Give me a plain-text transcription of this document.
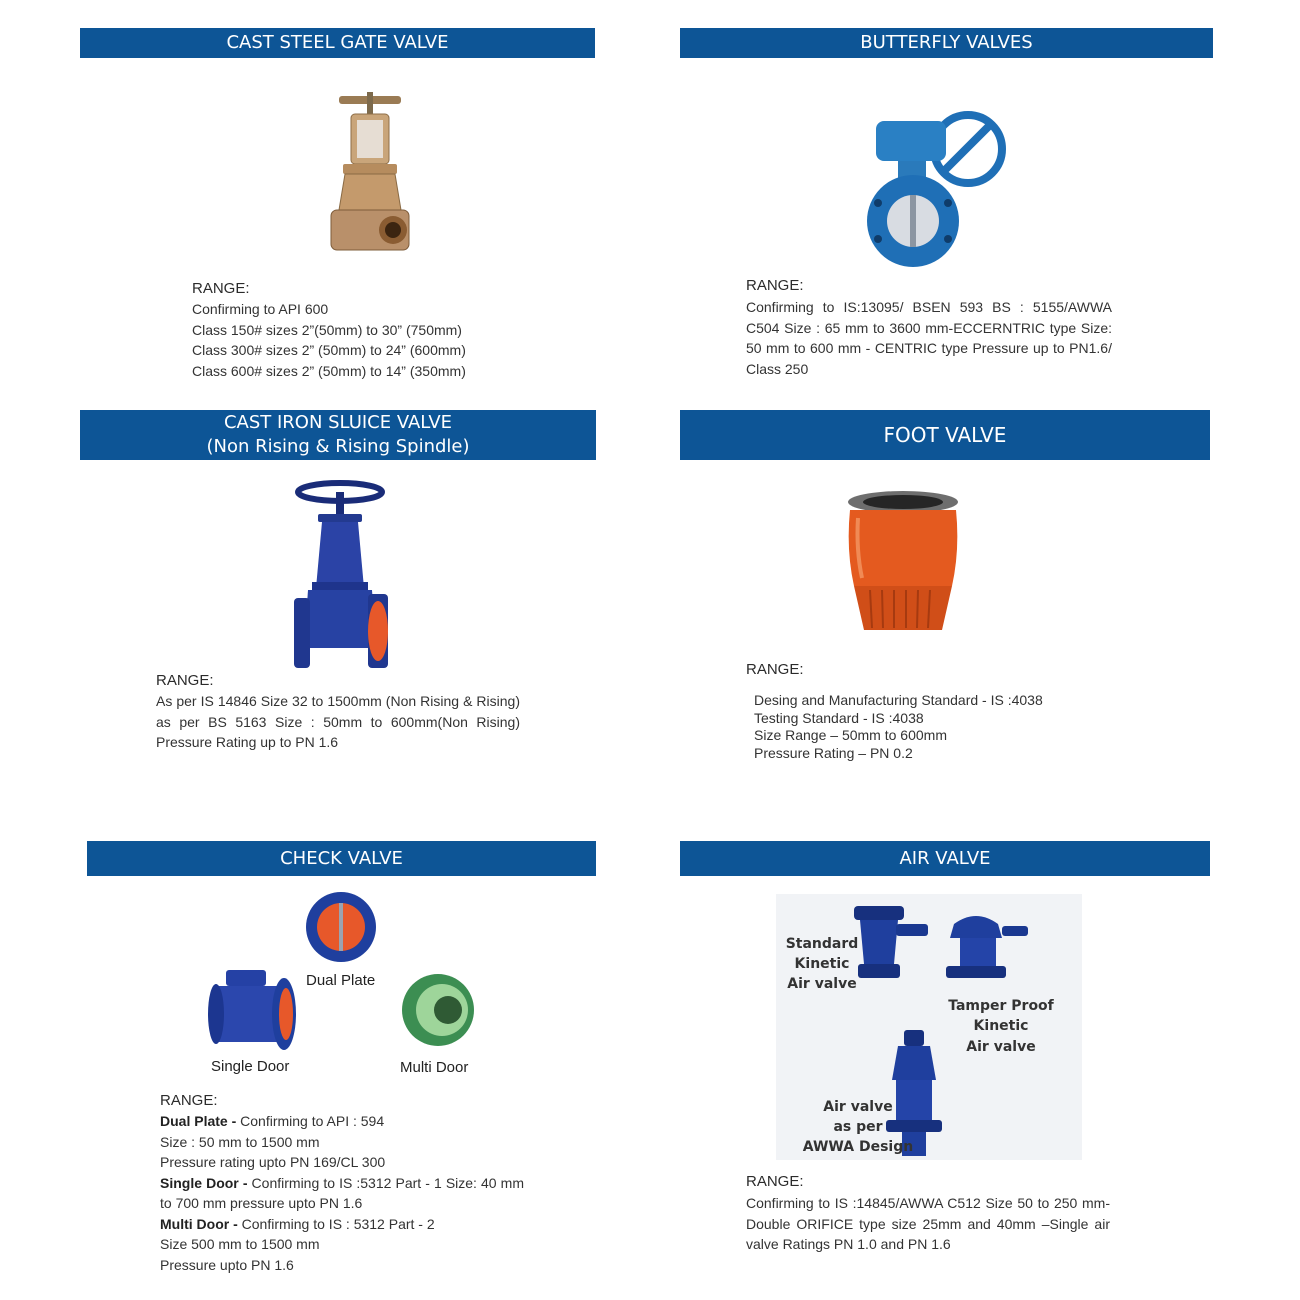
CAST STEEL GATE VALVE
RANGE:
Confirming to API 600
Class 150# sizes 2”(50mm) to 30” (750mm)
Class 300# sizes 2” (50mm) to 24” (600mm)
Class 600# sizes 2” (50mm) to 14” (350mm)
BUTTERFLY VALVES
RANGE:
Confirming to IS:13095/ BSEN 593 BS : 5155/AWWA C504 Size : 65 mm to 3600 mm-ECCERNTRIC type Size: 50 mm to 600 mm - CENTRIC type Pressure up to PN1.6/ Class 250
CAST IRON SLUICE VALVE
(Non Rising & Rising Spindle)
RANGE:
As per IS 14846 Size 32 to 1500mm (Non Rising & Rising) as per BS 5163 Size : 50mm to 600mm(Non Rising) Pressure Rating up to PN 1.6
FOOT VALVE
RANGE:
Desing and Manufacturing Standard - IS :4038
Testing Standard - IS :4038
Size Range – 50mm to 600mm
Pressure Rating – PN 0.2
CHECK VALVE
Dual Plate
Single Door	Multi Door
RANGE:
Dual Plate - Confirming to API : 594
Size : 50 mm to 1500 mm
Pressure rating upto PN 169/CL 300
Single Door - Confirming to IS :5312 Part - 1 Size: 40 mm to 700 mm pressure upto PN 1.6
Multi Door - Confirming to IS : 5312 Part - 2
Size 500 mm to 1500 mm
Pressure upto PN 1.6
AIR VALVE
Standard
Kinetic
Air valve
Tamper Proof
Kinetic
Air valve
Air valve
as per
AWWA Design
RANGE:
Confirming to IS :14845/AWWA C512 Size 50 to 250 mm-Double ORIFICE type size 25mm and 40mm –Single air valve Ratings PN 1.0 and PN 1.6
